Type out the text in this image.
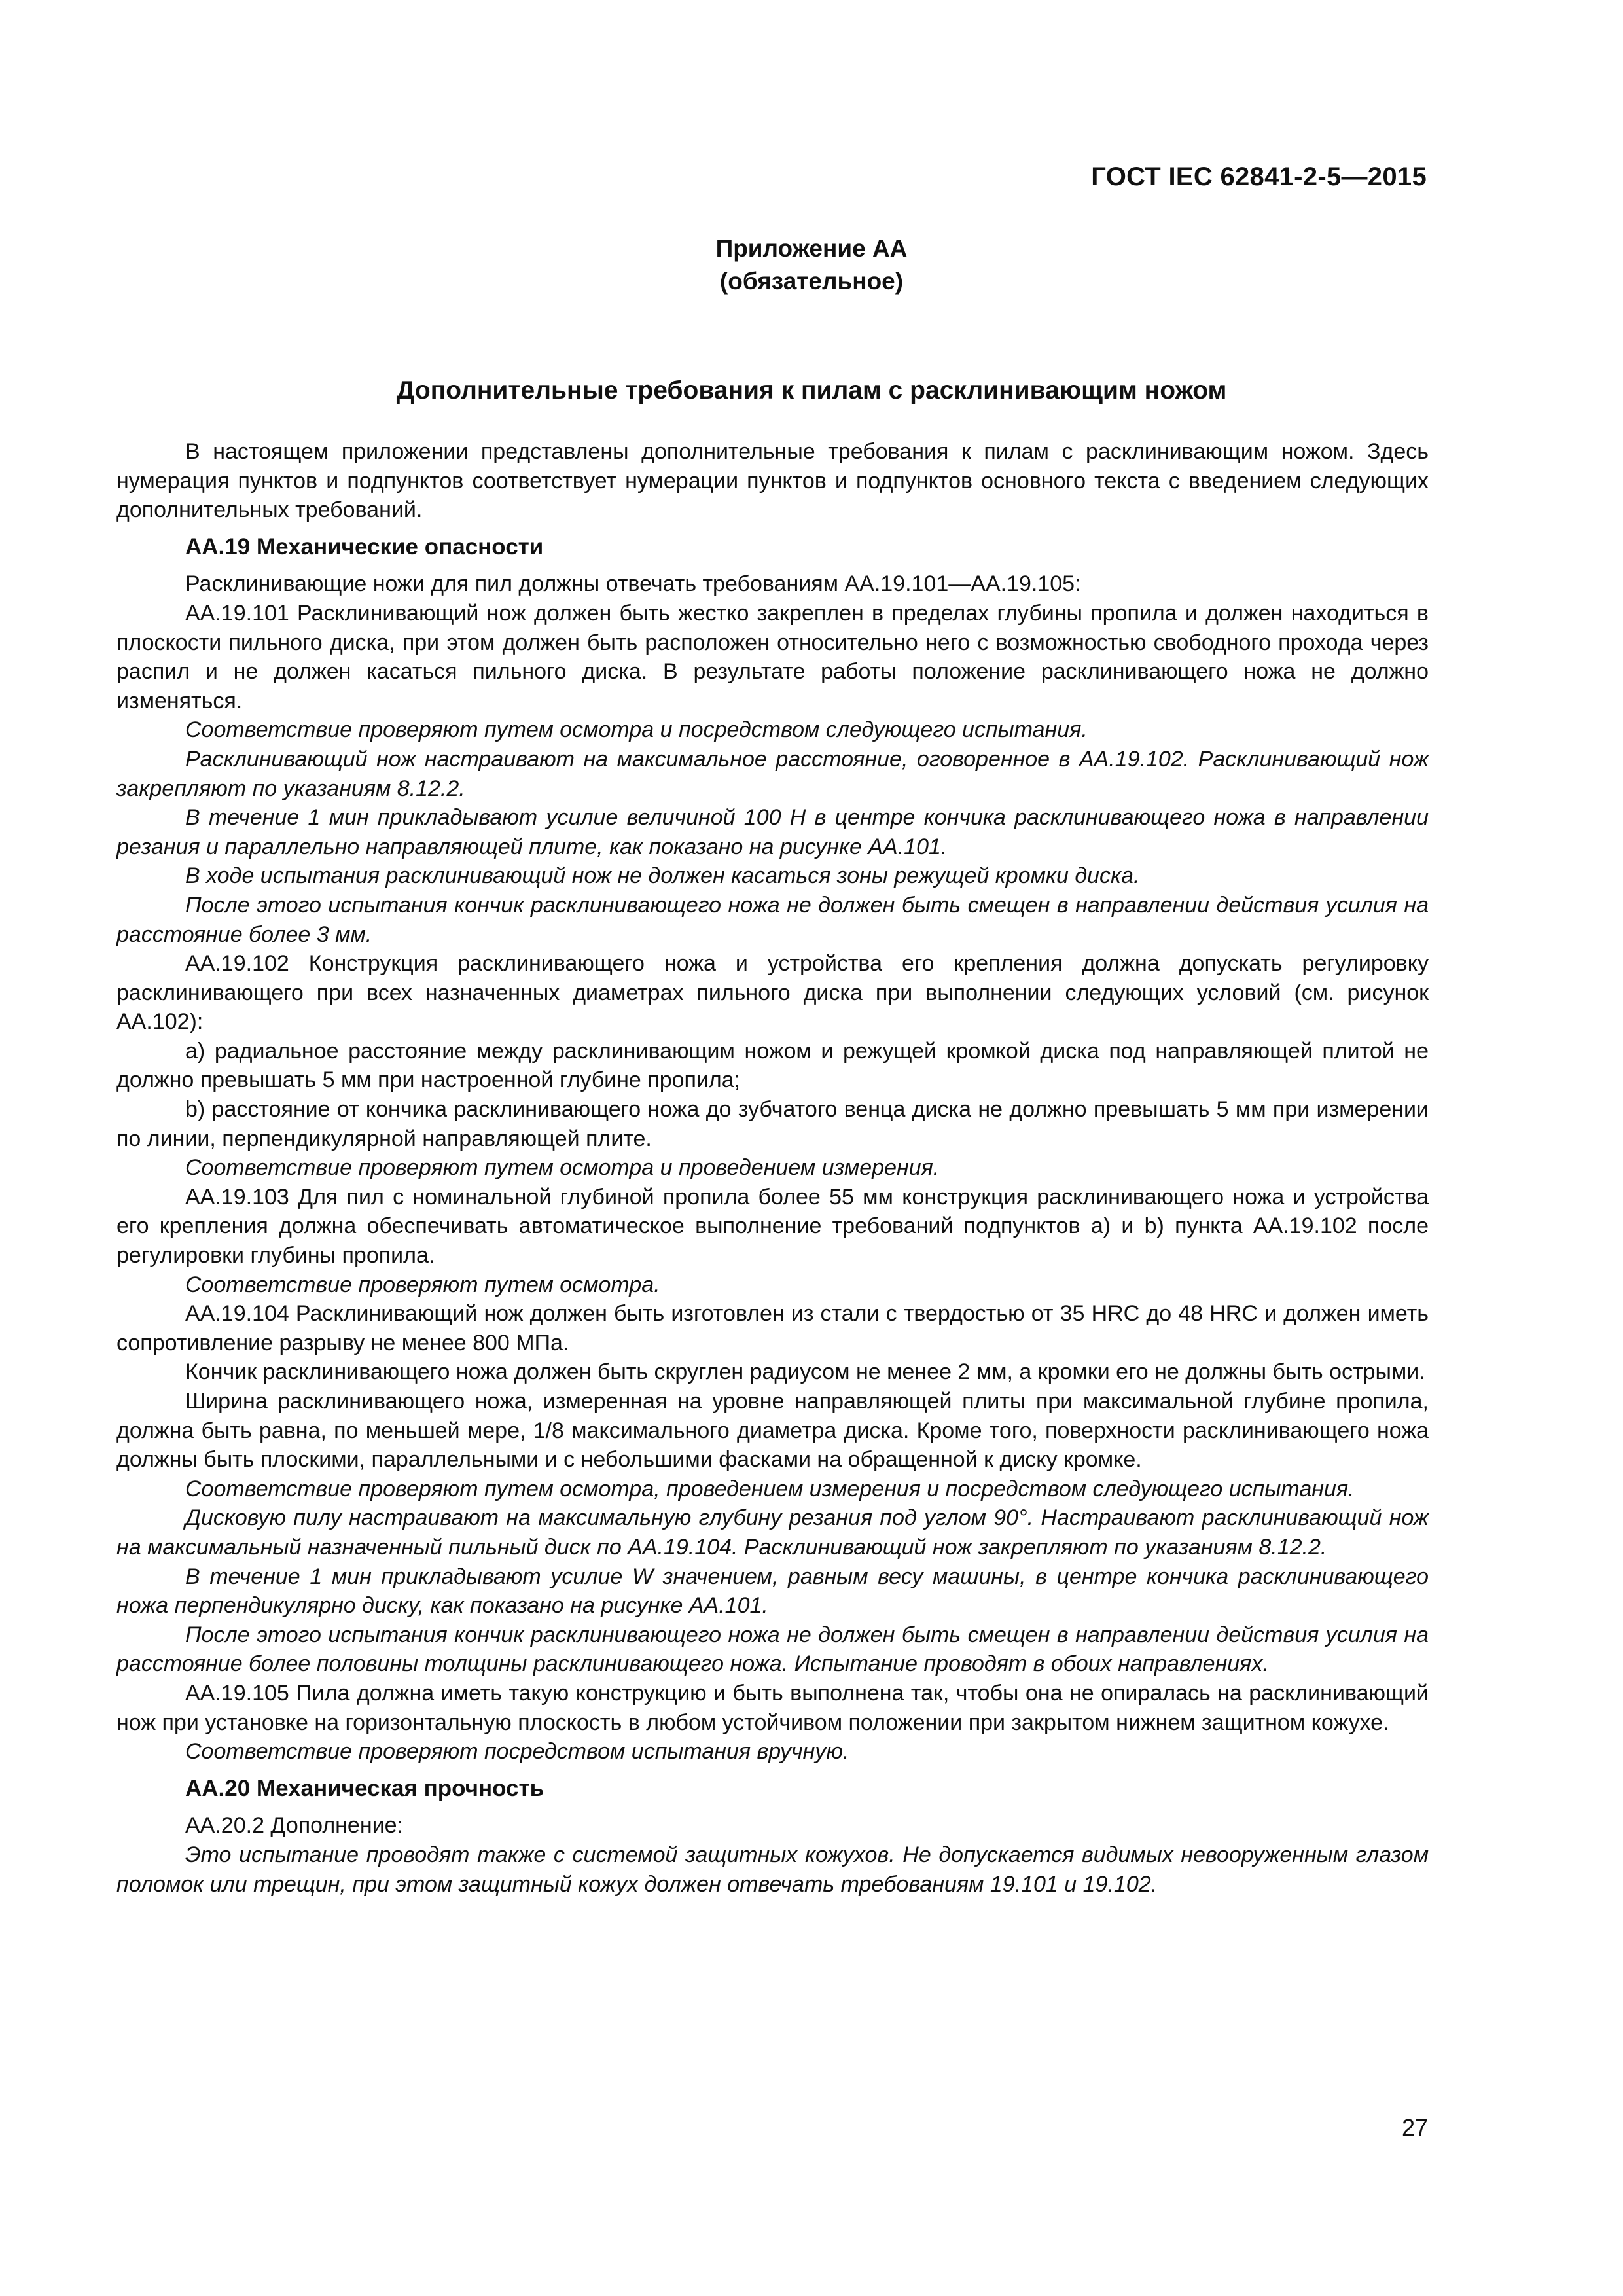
ГОСТ IEC 62841-2-5—2015
Приложение АА
(обязательное)
Дополнительные требования к пилам с расклинивающим ножом

В настоящем приложении представлены дополнительные требования к пилам с расклинивающим ножом. Здесь нумерация пунктов и подпунктов соответствует нумерации пунктов и подпунктов основного текста с введением следующих дополнительных требований.

АА.19 Механические опасности

Расклинивающие ножи для пил должны отвечать требованиям АА.19.101—АА.19.105:

АА.19.101 Расклинивающий нож должен быть жестко закреплен в пределах глубины пропила и должен находиться в плоскости пильного диска, при этом должен быть расположен относительно него с возможностью свободного прохода через распил и не должен касаться пильного диска. В результате работы положение расклинивающего ножа не должно изменяться.

Соответствие проверяют путем осмотра и посредством следующего испытания.

Расклинивающий нож настраивают на максимальное расстояние, оговоренное в АА.19.102. Расклинивающий нож закрепляют по указаниям 8.12.2.

В течение 1 мин прикладывают усилие величиной 100 Н в центре кончика расклинивающего ножа в направлении резания и параллельно направляющей плите, как показано на рисунке АА.101.

В ходе испытания расклинивающий нож не должен касаться зоны режущей кромки диска.

После этого испытания кончик расклинивающего ножа не должен быть смещен в направлении действия усилия на расстояние более 3 мм.

АА.19.102 Конструкция расклинивающего ножа и устройства его крепления должна допускать регулировку расклинивающего при всех назначенных диаметрах пильного диска при выполнении следующих условий (см. рисунок АА.102):

а) радиальное расстояние между расклинивающим ножом и режущей кромкой диска под направляющей плитой не должно превышать 5 мм при настроенной глубине пропила;

b) расстояние от кончика расклинивающего ножа до зубчатого венца диска не должно превышать 5 мм при измерении по линии, перпендикулярной направляющей плите.

Соответствие проверяют путем осмотра и проведением измерения.

АА.19.103 Для пил с номинальной глубиной пропила более 55 мм конструкция расклинивающего ножа и устройства его крепления должна обеспечивать автоматическое выполнение требований подпунктов a) и b) пункта АА.19.102 после регулировки глубины пропила.

Соответствие проверяют путем осмотра.

АА.19.104 Расклинивающий нож должен быть изготовлен из стали с твердостью от 35 HRC до 48 HRC и должен иметь сопротивление разрыву не менее 800 МПа.

Кончик расклинивающего ножа должен быть скруглен радиусом не менее 2 мм, а кромки его не должны быть острыми.

Ширина расклинивающего ножа, измеренная на уровне направляющей плиты при максимальной глубине пропила, должна быть равна, по меньшей мере, 1/8 максимального диаметра диска. Кроме того, поверхности расклинивающего ножа должны быть плоскими, параллельными и с небольшими фасками на обращенной к диску кромке.

Соответствие проверяют путем осмотра, проведением измерения и посредством следующего испытания.

Дисковую пилу настраивают на максимальную глубину резания под углом 90°. Настраивают расклинивающий нож на максимальный назначенный пильный диск по АА.19.104. Расклинивающий нож закрепляют по указаниям 8.12.2.

В течение 1 мин прикладывают усилие W значением, равным весу машины, в центре кончика расклинивающего ножа перпендикулярно диску, как показано на рисунке АА.101.

После этого испытания кончик расклинивающего ножа не должен быть смещен в направлении действия усилия на расстояние более половины толщины расклинивающего ножа. Испытание проводят в обоих направлениях.

АА.19.105 Пила должна иметь такую конструкцию и быть выполнена так, чтобы она не опиралась на расклинивающий нож при установке на горизонтальную плоскость в любом устойчивом положении при закрытом нижнем защитном кожухе.

Соответствие проверяют посредством испытания вручную.

АА.20 Механическая прочность

АА.20.2 Дополнение:

Это испытание проводят также с системой защитных кожухов. Не допускается видимых невооруженным глазом поломок или трещин, при этом защитный кожух должен отвечать требованиям 19.101 и 19.102.

27
